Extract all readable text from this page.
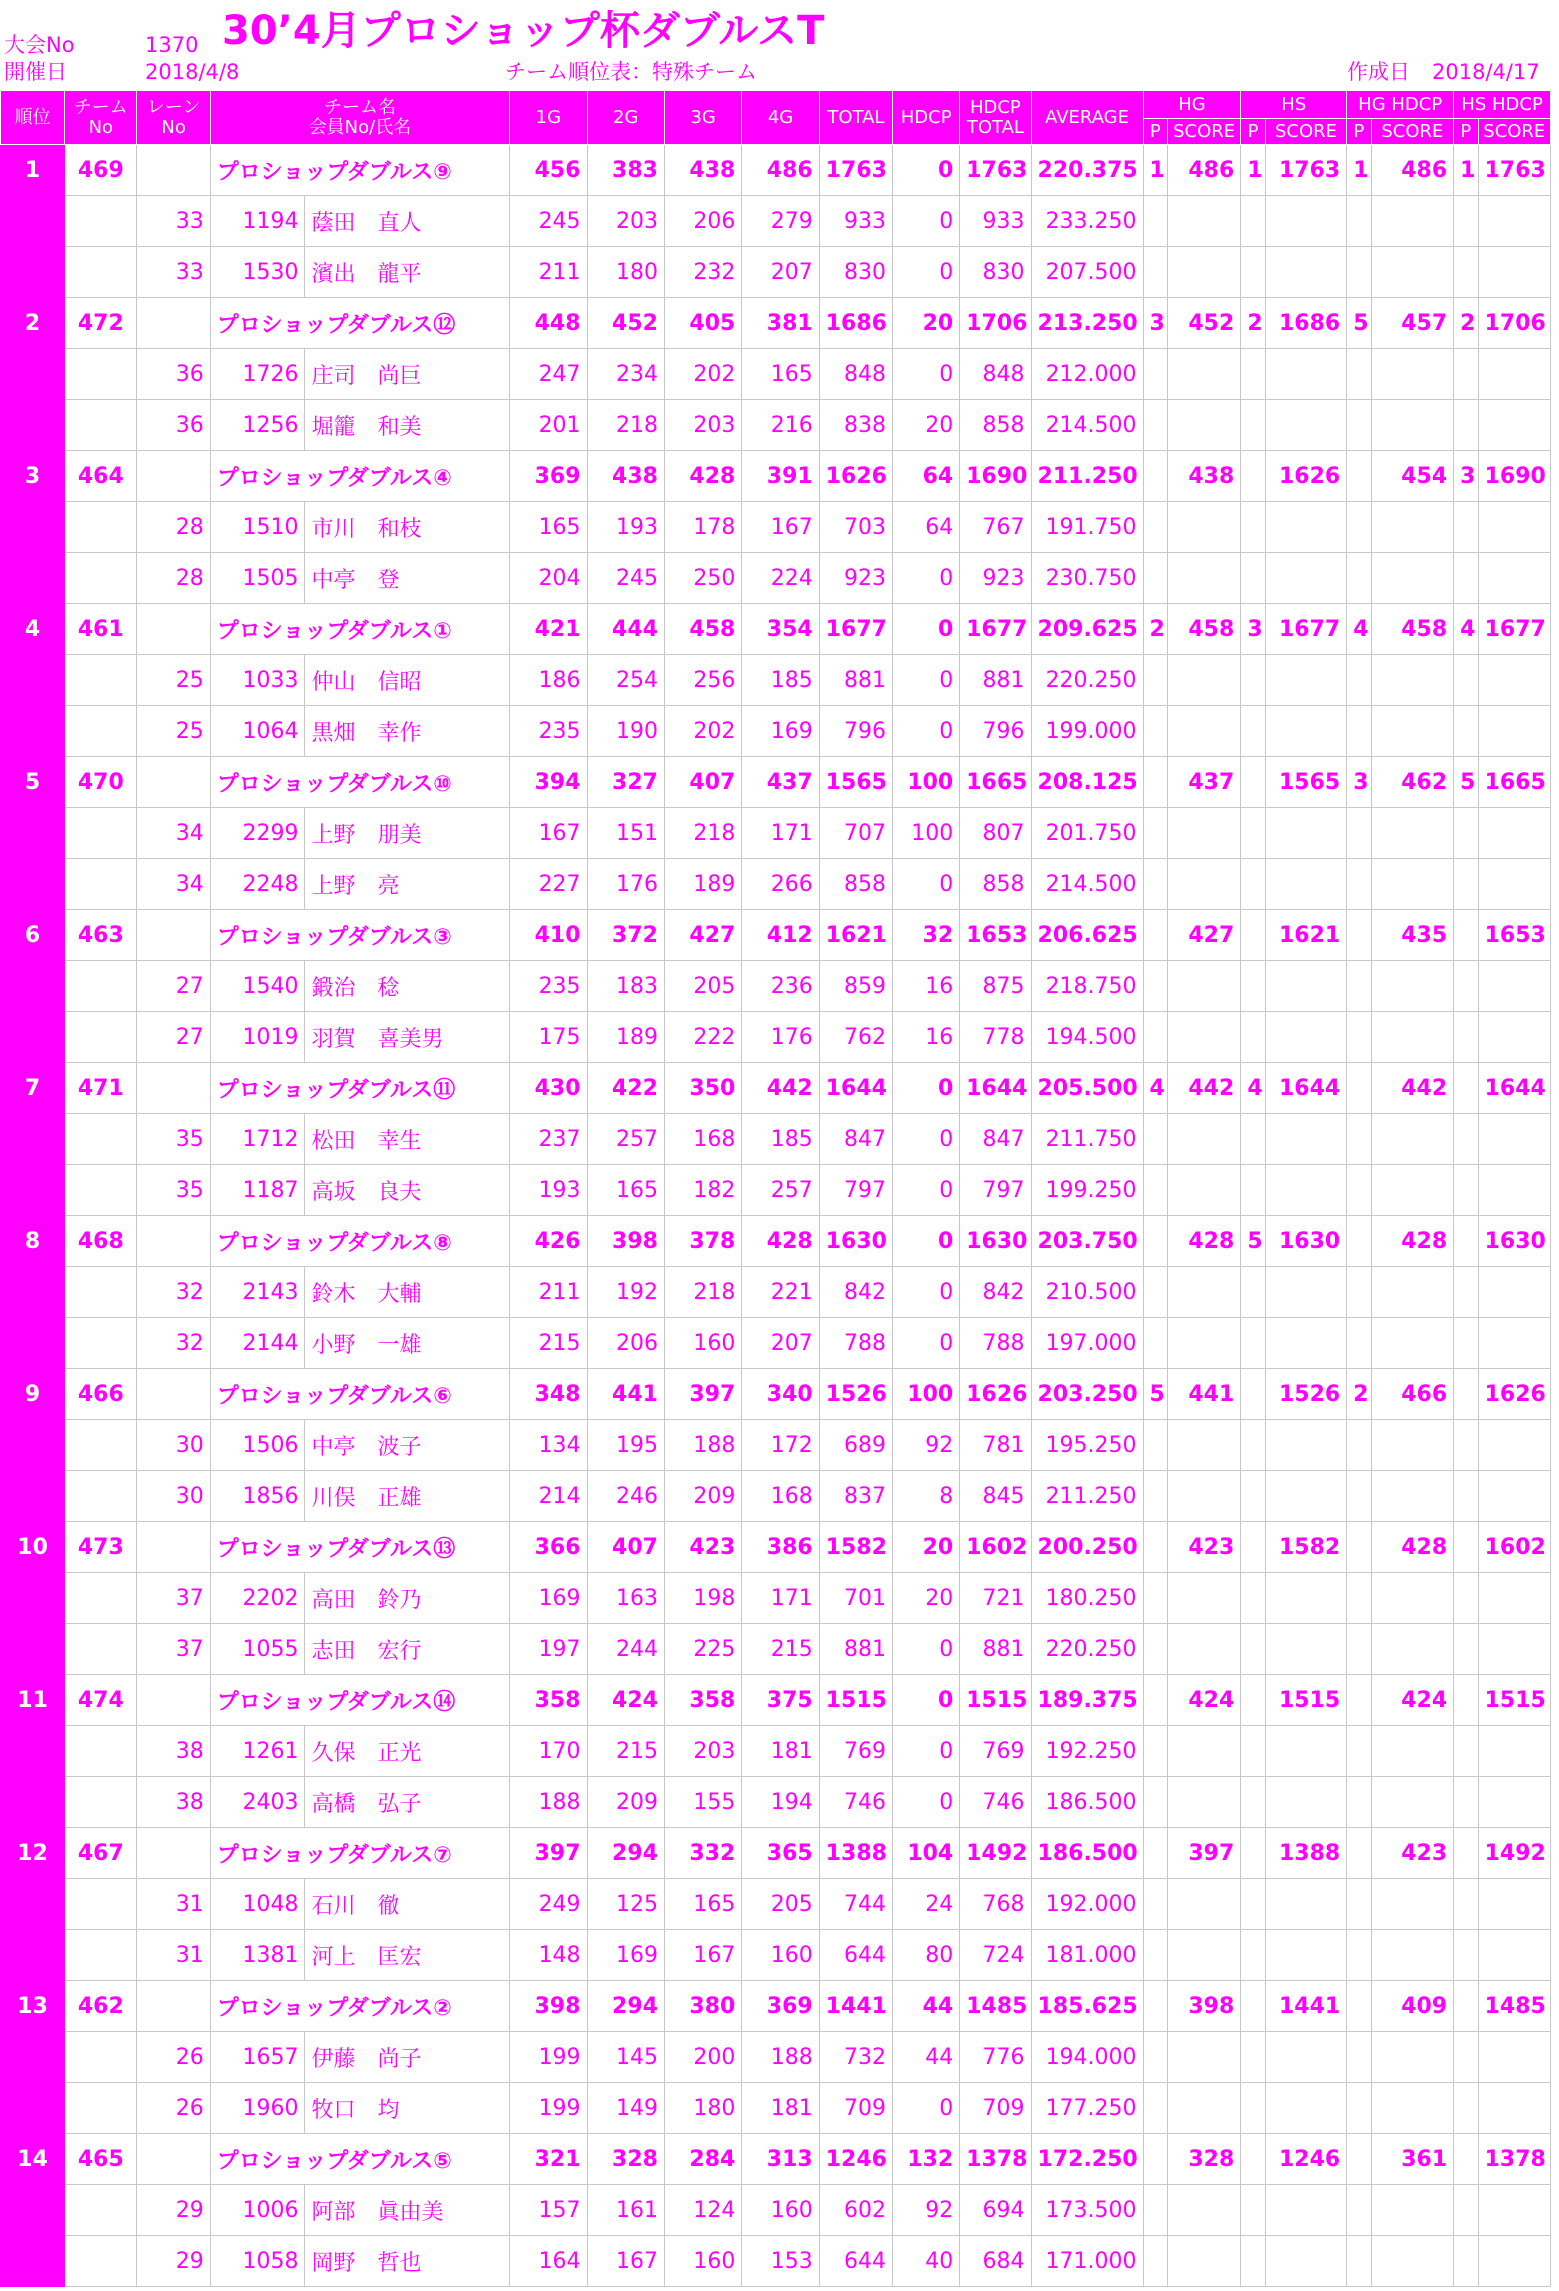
大会No	1370 30’4月プロショップ杯ダブルスT
開催日	2018/4/8	チーム順位表：特殊チーム	作成日 2018/4/17
順位	チーム
No	レーン
No	チーム名
会員No/氏名		1G	2G	3G	4G	TOTAL	HDCP	HDCP
TOTAL	AVERAGE	HG		HS		HG HDCP		HS HDCP	
													P	SCORE	P	SCORE	P	SCORE	P	SCORE
1	469		プロショップダブルス⑨		456	383	438	486	1763	0	1763	220.375	1	486	1	1763	1	486	1	1763
		33	1194	蔭田　直人	245	203	206	279	933	0	933	233.250								
		33	1530	濱出　龍平	211	180	232	207	830	0	830	207.500								
2	472		プロショップダブルス⑫		448	452	405	381	1686	20	1706	213.250	3	452	2	1686	5	457	2	1706
		36	1726	庄司　尚巨	247	234	202	165	848	0	848	212.000								
		36	1256	堀籠　和美	201	218	203	216	838	20	858	214.500								
3	464		プロショップダブルス④		369	438	428	391	1626	64	1690	211.250		438		1626		454	3	1690
		28	1510	市川　和枝	165	193	178	167	703	64	767	191.750								
		28	1505	中亭　登	204	245	250	224	923	0	923	230.750								
4	461		プロショップダブルス①		421	444	458	354	1677	0	1677	209.625	2	458	3	1677	4	458	4	1677
		25	1033	仲山　信昭	186	254	256	185	881	0	881	220.250								
		25	1064	黒畑　幸作	235	190	202	169	796	0	796	199.000								
5	470		プロショップダブルス⑩		394	327	407	437	1565	100	1665	208.125		437		1565	3	462	5	1665
		34	2299	上野　朋美	167	151	218	171	707	100	807	201.750								
		34	2248	上野　亮	227	176	189	266	858	0	858	214.500								
6	463		プロショップダブルス③		410	372	427	412	1621	32	1653	206.625		427		1621		435		1653
		27	1540	鍛治　稔	235	183	205	236	859	16	875	218.750								
		27	1019	羽賀　喜美男	175	189	222	176	762	16	778	194.500								
7	471		プロショップダブルス⑪		430	422	350	442	1644	0	1644	205.500	4	442	4	1644		442		1644
		35	1712	松田　幸生	237	257	168	185	847	0	847	211.750								
		35	1187	高坂　良夫	193	165	182	257	797	0	797	199.250								
8	468		プロショップダブルス⑧		426	398	378	428	1630	0	1630	203.750		428	5	1630		428		1630
		32	2143	鈴木　大輔	211	192	218	221	842	0	842	210.500								
		32	2144	小野　一雄	215	206	160	207	788	0	788	197.000								
9	466		プロショップダブルス⑥		348	441	397	340	1526	100	1626	203.250	5	441		1526	2	466		1626
		30	1506	中亭　波子	134	195	188	172	689	92	781	195.250								
		30	1856	川俣　正雄	214	246	209	168	837	8	845	211.250								
10	473		プロショップダブルス⑬		366	407	423	386	1582	20	1602	200.250		423		1582		428		1602
		37	2202	高田　鈴乃	169	163	198	171	701	20	721	180.250								
		37	1055	志田　宏行	197	244	225	215	881	0	881	220.250								
11	474		プロショップダブルス⑭		358	424	358	375	1515	0	1515	189.375		424		1515		424		1515
		38	1261	久保　正光	170	215	203	181	769	0	769	192.250								
		38	2403	高橋　弘子	188	209	155	194	746	0	746	186.500								
12	467		プロショップダブルス⑦		397	294	332	365	1388	104	1492	186.500		397		1388		423		1492
		31	1048	石川　徹	249	125	165	205	744	24	768	192.000								
		31	1381	河上　匡宏	148	169	167	160	644	80	724	181.000								
13	462		プロショップダブルス②		398	294	380	369	1441	44	1485	185.625		398		1441		409		1485
		26	1657	伊藤　尚子	199	145	200	188	732	44	776	194.000								
		26	1960	牧口　均	199	149	180	181	709	0	709	177.250								
14	465		プロショップダブルス⑤		321	328	284	313	1246	132	1378	172.250		328		1246		361		1378
		29	1006	阿部　眞由美	157	161	124	160	602	92	694	173.500								
		29	1058	岡野　哲也	164	167	160	153	644	40	684	171.000								
